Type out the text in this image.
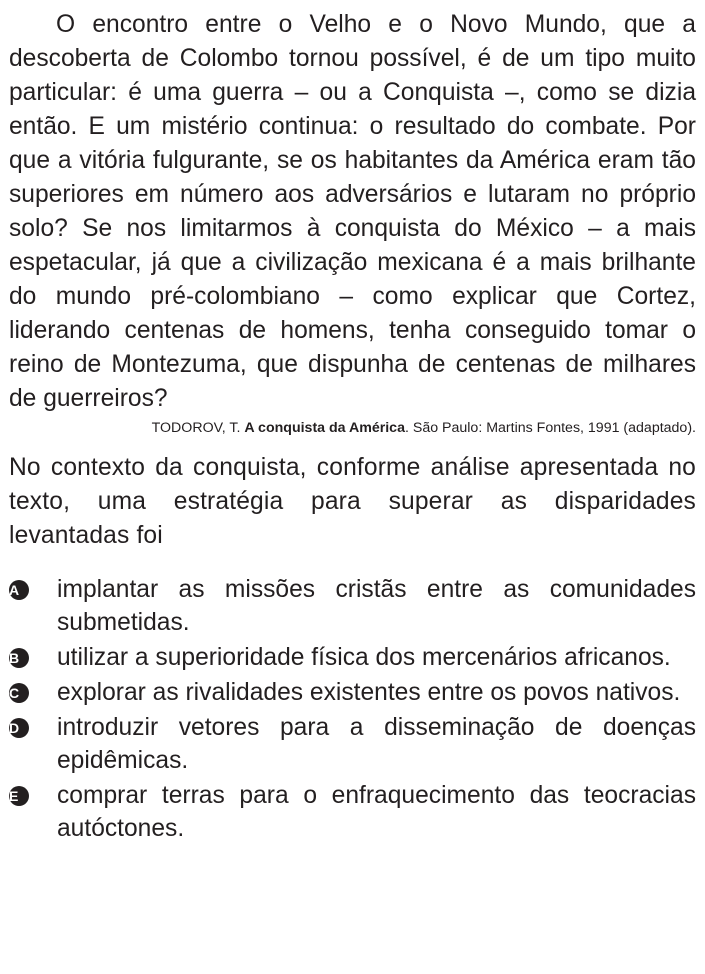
O encontro entre o Velho e o Novo Mundo, que a descoberta de Colombo tornou possível, é de um tipo muito particular: é uma guerra – ou a Conquista –, como se dizia então. E um mistério continua: o resultado do combate. Por que a vitória fulgurante, se os habitantes da América eram tão superiores em número aos adversários e lutaram no próprio solo? Se nos limitarmos à conquista do México – a mais espetacular, já que a civilização mexicana é a mais brilhante do mundo pré-colombiano – como explicar que Cortez, liderando centenas de homens, tenha conseguido tomar o reino de Montezuma, que dispunha de centenas de milhares de guerreiros?

TODOROV, T. A conquista da América. São Paulo: Martins Fontes, 1991 (adaptado).

No contexto da conquista, conforme análise apresentada no texto, uma estratégia para superar as disparidades levantadas foi

A	implantar as missões cristãs entre as comunidades submetidas.
B	utilizar a superioridade física dos mercenários africanos.
C	explorar as rivalidades existentes entre os povos nativos.
D	introduzir vetores para a disseminação de doenças epidêmicas.
E	comprar terras para o enfraquecimento das teocracias autóctones.
